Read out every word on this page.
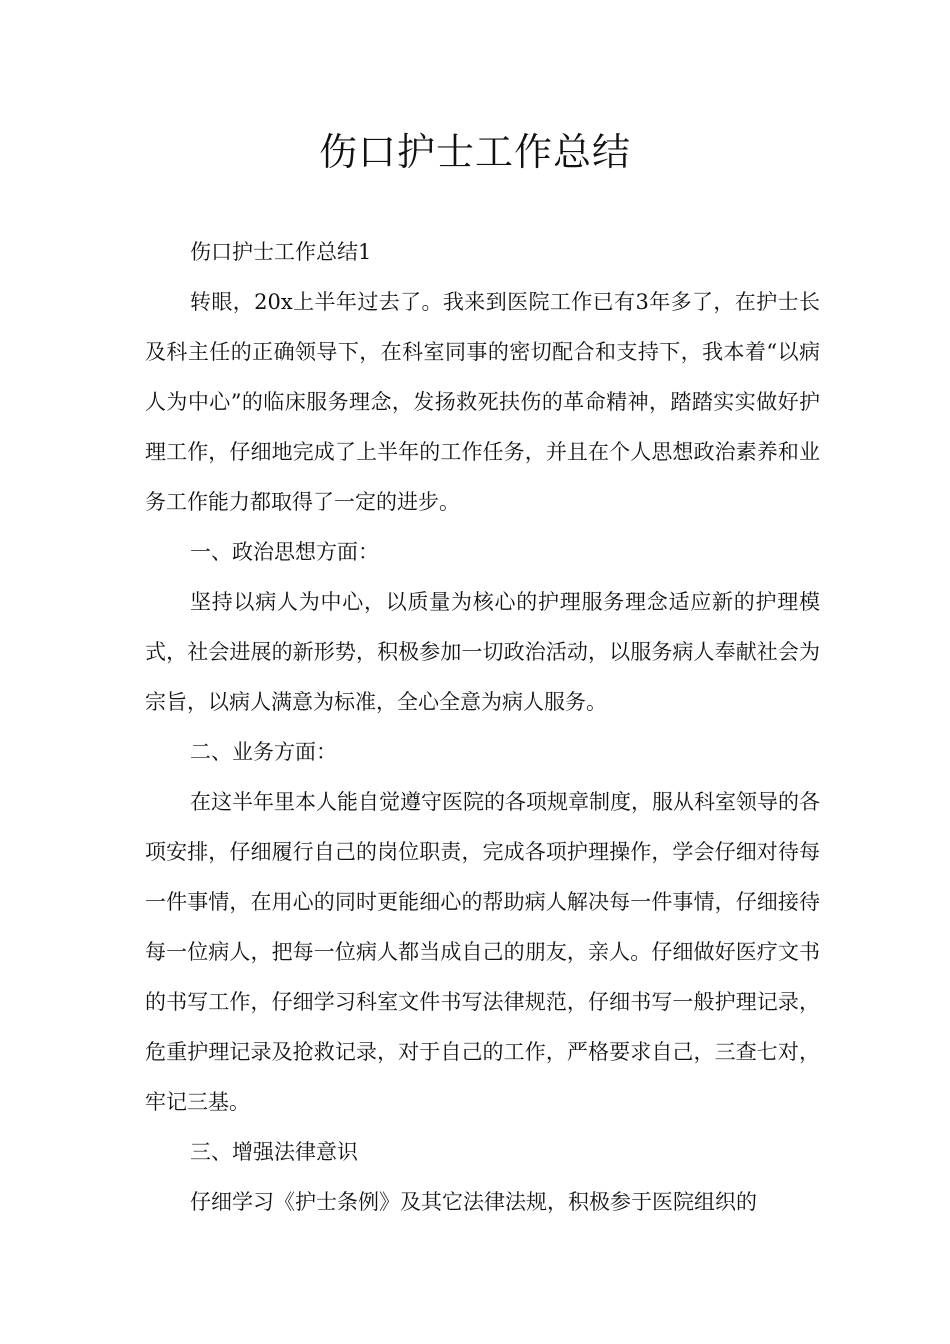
伤口护士工作总结

伤口护士工作总结1

转眼，20x上半年过去了。我来到医院工作已有3年多了，在护士长及科主任的正确领导下，在科室同事的密切配合和支持下，我本着“以病人为中心”的临床服务理念，发扬救死扶伤的革命精神，踏踏实实做好护理工作，仔细地完成了上半年的工作任务，并且在个人思想政治素养和业务工作能力都取得了一定的进步。

一、政治思想方面：

坚持以病人为中心，以质量为核心的护理服务理念适应新的护理模式，社会进展的新形势，积极参加一切政治活动，以服务病人奉献社会为宗旨，以病人满意为标准，全心全意为病人服务。

二、业务方面：

在这半年里本人能自觉遵守医院的各项规章制度，服从科室领导的各项安排，仔细履行自己的岗位职责，完成各项护理操作，学会仔细对待每一件事情，在用心的同时更能细心的帮助病人解决每一件事情，仔细接待每一位病人，把每一位病人都当成自己的朋友，亲人。仔细做好医疗文书的书写工作，仔细学习科室文件书写法律规范，仔细书写一般护理记录，危重护理记录及抢救记录，对于自己的工作，严格要求自己，三查七对，牢记三基。

三、增强法律意识

仔细学习《护士条例》及其它法律法规，积极参于医院组织的
